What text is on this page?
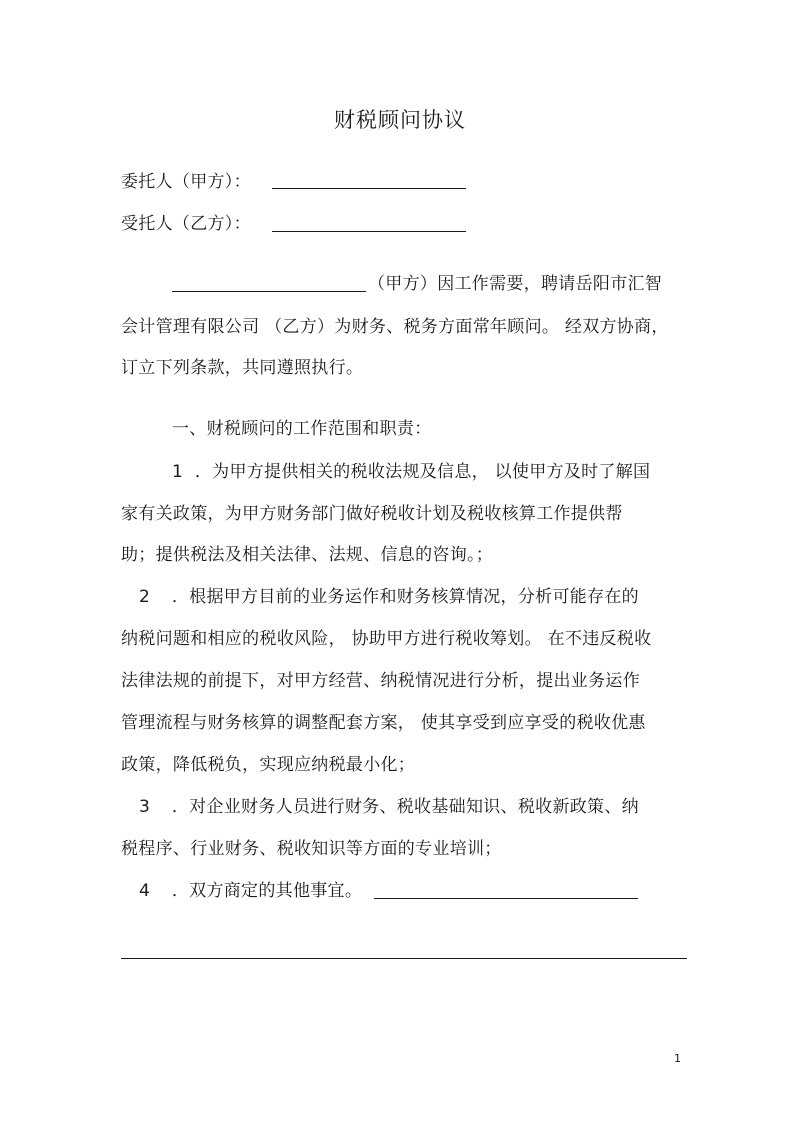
财税顾问协议
委托人（甲方）：
受托人（乙方）：
（甲方）因工作需要，聘请岳阳市汇智
会计管理有限公司 （乙方）为财务、税务方面常年顾问。 经双方协商，
订立下列条款，共同遵照执行。
一、财税顾问的工作范围和职责：
1 ．为甲方提供相关的税收法规及信息， 以使甲方及时了解国
家有关政策，为甲方财务部门做好税收计划及税收核算工作提供帮
助；提供税法及相关法律、法规、信息的咨询。；
2 ．根据甲方目前的业务运作和财务核算情况，分析可能存在的
纳税问题和相应的税收风险， 协助甲方进行税收筹划。 在不违反税收
法律法规的前提下，对甲方经营、纳税情况进行分析，提出业务运作
管理流程与财务核算的调整配套方案， 使其享受到应享受的税收优惠
政策，降低税负，实现应纳税最小化；
3 ．对企业财务人员进行财务、税收基础知识、税收新政策、纳
税程序、行业财务、税收知识等方面的专业培训；
4 ．双方商定的其他事宜。
1
